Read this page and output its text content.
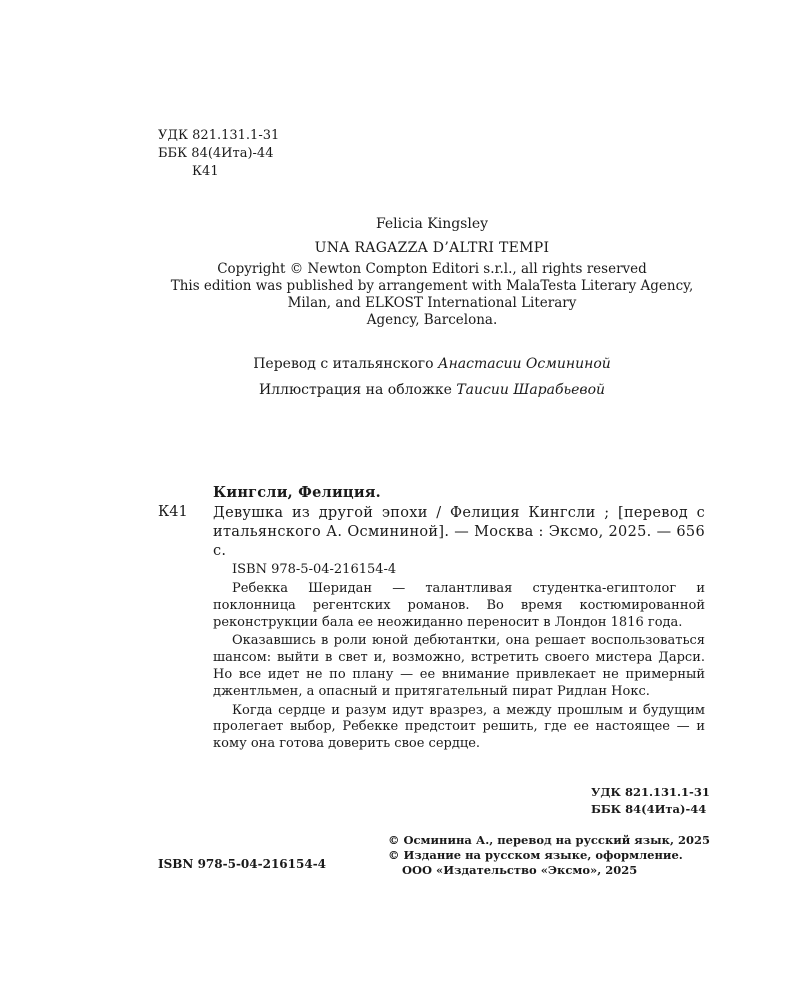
УДК 821.131.1-31
ББК 84(4Ита)-44
К41
Felicia Kingsley
UNA RAGAZZA D’ALTRI TEMPI
Copyright © Newton Compton Editori s.r.l., all rights reserved
This edition was published by arrangement with MalaTesta Literary Agency,
Milan, and ELKOST International Literary
Agency, Barcelona.
Перевод с итальянского Анастасии Осмининой
Иллюстрация на обложке Таисии Шарабьевой
Кингсли, Фелиция.
К41 Девушка из другой эпохи / Фелиция Кингсли ; [перевод с итальянского А. Осмининой]. — Москва : Эксмо, 2025. — 656 с.
ISBN 978-5-04-216154-4

Ребекка Шеридан — талантливая студентка-египтолог и поклонница регентских романов. Во время костюмированной реконструкции бала ее неожиданно переносит в Лондон 1816 года.

Оказавшись в роли юной дебютантки, она решает воспользоваться шансом: выйти в свет и, возможно, встретить своего мистера Дарси. Но все идет не по плану — ее внимание привлекает не примерный джентльмен, а опасный и притягательный пират Ридлан Нокс.

Когда сердце и разум идут вразрез, а между прошлым и будущим пролегает выбор, Ребекке предстоит решить, где ее настоящее — и кому она готова доверить свое сердце.

УДК 821.131.1-31
ББК 84(4Ита)-44
© Осминина А., перевод на русский язык, 2025
© Издание на русском языке, оформление.
ООО «Издательство «Эксмо», 2025
ISBN 978-5-04-216154-4
